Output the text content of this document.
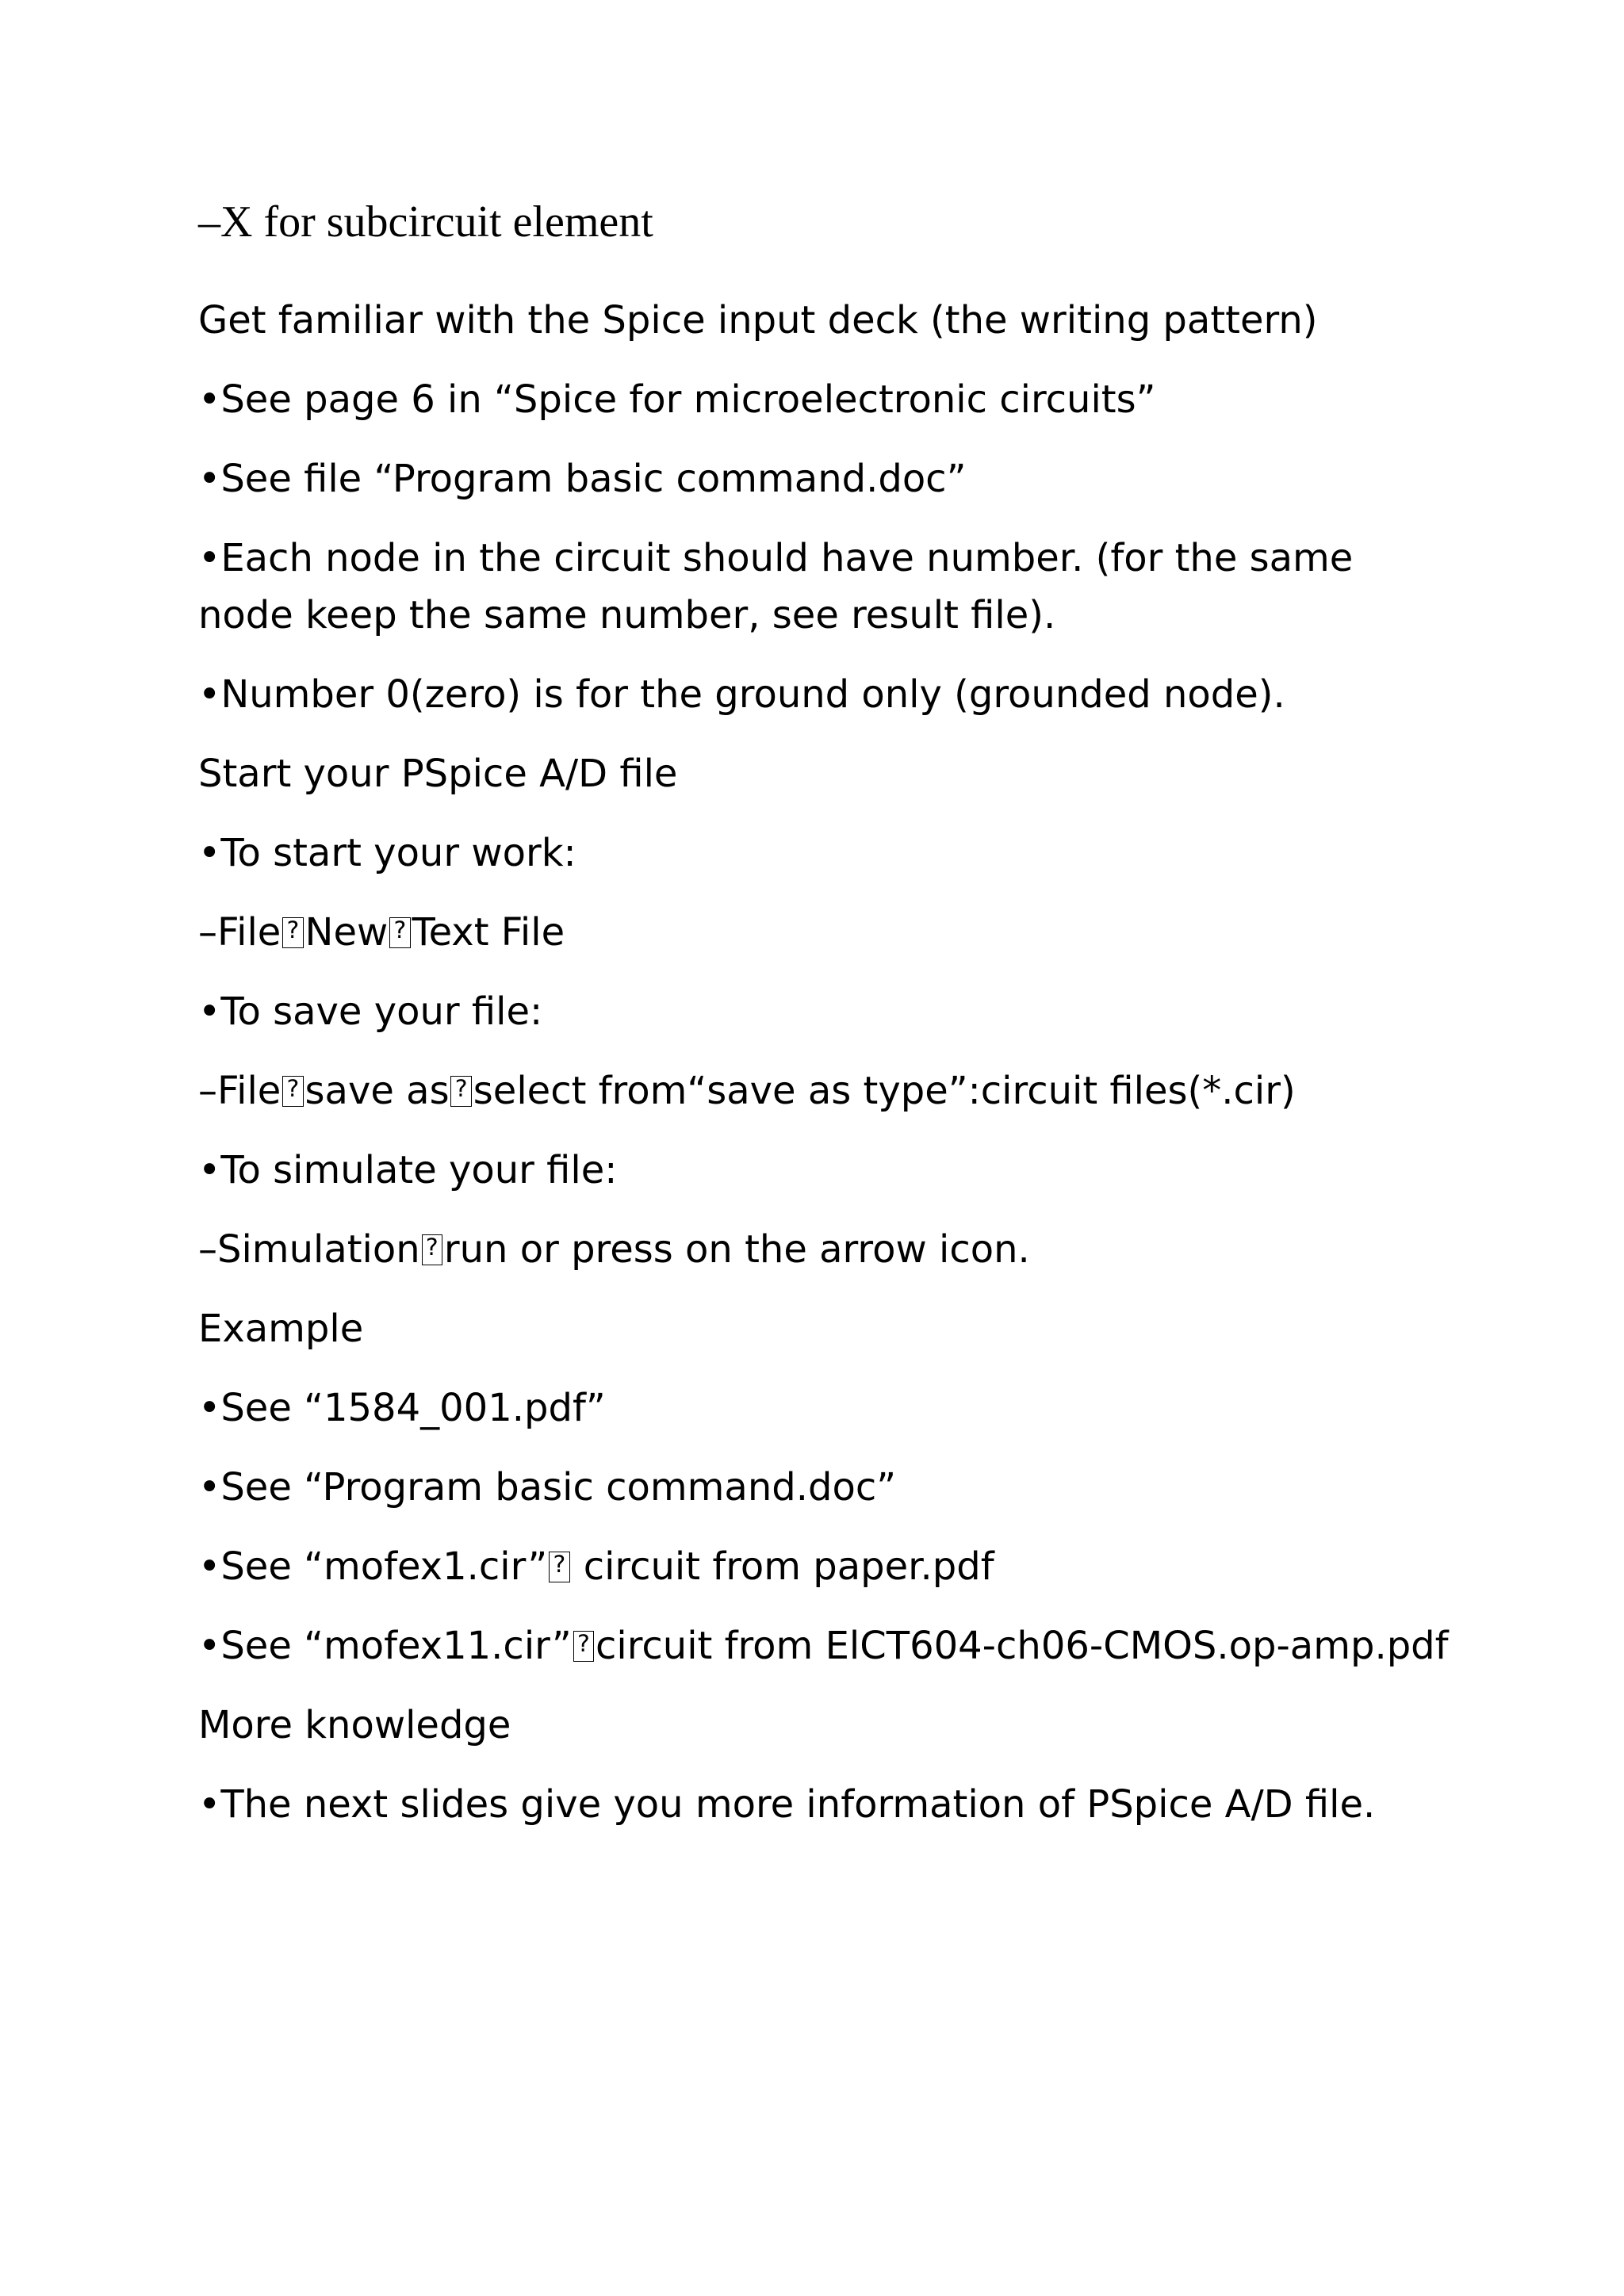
–X for subcircuit element

Get familiar with the Spice input deck (the writing pattern)

•See page 6 in “Spice for microelectronic circuits”

•See file “Program basic command.doc”

•Each node in the circuit should have number. (for the same node keep the same number, see result file).

•Number 0(zero) is for the ground only (grounded node).

Start your PSpice A/D file

•To start your work:

–File ? New ? Text File

•To save your file:

–File ? save as ? select from“save as type”:circuit files(*.cir)

•To simulate your file:

–Simulation ? run or press on the arrow icon.

Example

•See “1584_001.pdf”

•See “Program basic command.doc”

•See “mofex1.cir”? circuit from paper.pdf

•See “mofex11.cir” ? circuit from ElCT604-ch06-CMOS.op-amp.pdf

More knowledge

•The next slides give you more information of PSpice A/D file.
